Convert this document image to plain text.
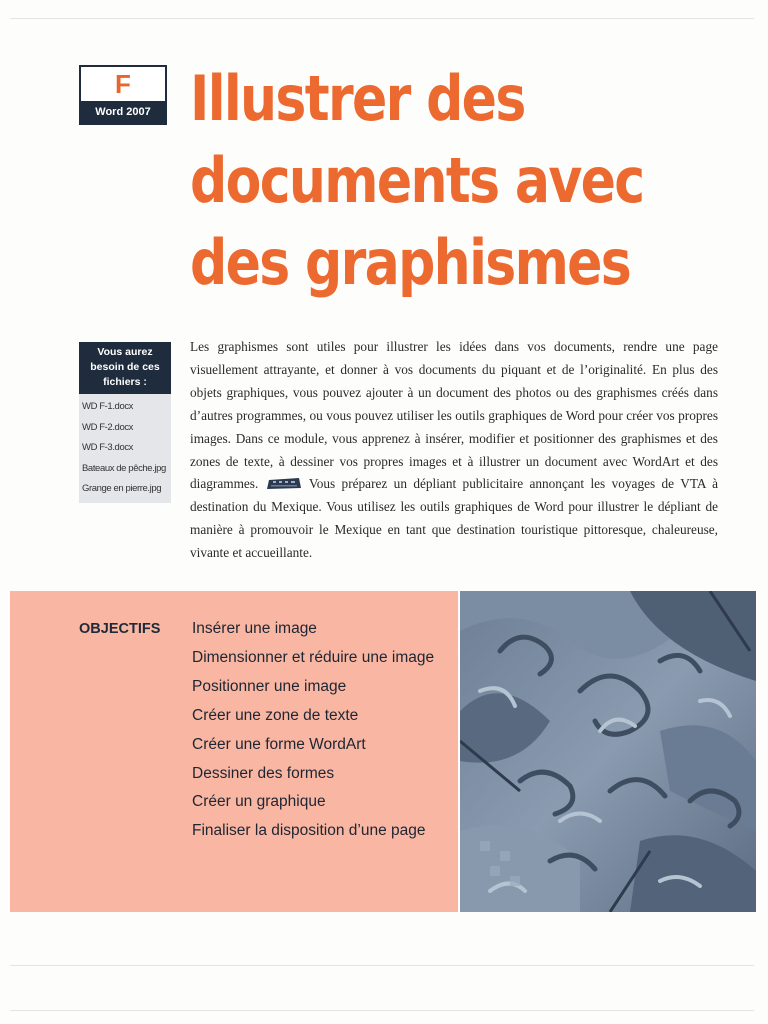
F
Word 2007 Illustrer des
documents avec
des graphismes
Vous aurez besoin de ces fichiers :
WD F-1.docx
WD F-2.docx
WD F-3.docx
Bateaux de pêche.jpg
Grange en pierre.jpg

Les graphismes sont utiles pour illustrer les idées dans vos documents, rendre une page visuellement attrayante, et donner à vos documents du piquant et de l’originalité. En plus des objets graphiques, vous pouvez ajouter à un document des photos ou des graphismes créés dans d’autres programmes, ou vous pouvez utiliser les outils graphiques de Word pour créer vos propres images. Dans ce module, vous apprenez à insérer, modifier et positionner des graphismes et des zones de texte, à dessiner vos propres images et à illustrer un document avec WordArt et des diagrammes.	Vous préparez un dépliant publicitaire annonçant les voyages de VTA à destination du Mexique. Vous utilisez les outils graphiques de Word pour illustrer le dépliant de manière à promouvoir le Mexique en tant que destination touristique pittoresque, chaleureuse, vivante et accueillante.

OBJECTIFS Insérer une image
Dimensionner et réduire une image
Positionner une image
Créer une zone de texte
Créer une forme WordArt
Dessiner des formes
Créer un graphique
Finaliser la disposition d’une page
